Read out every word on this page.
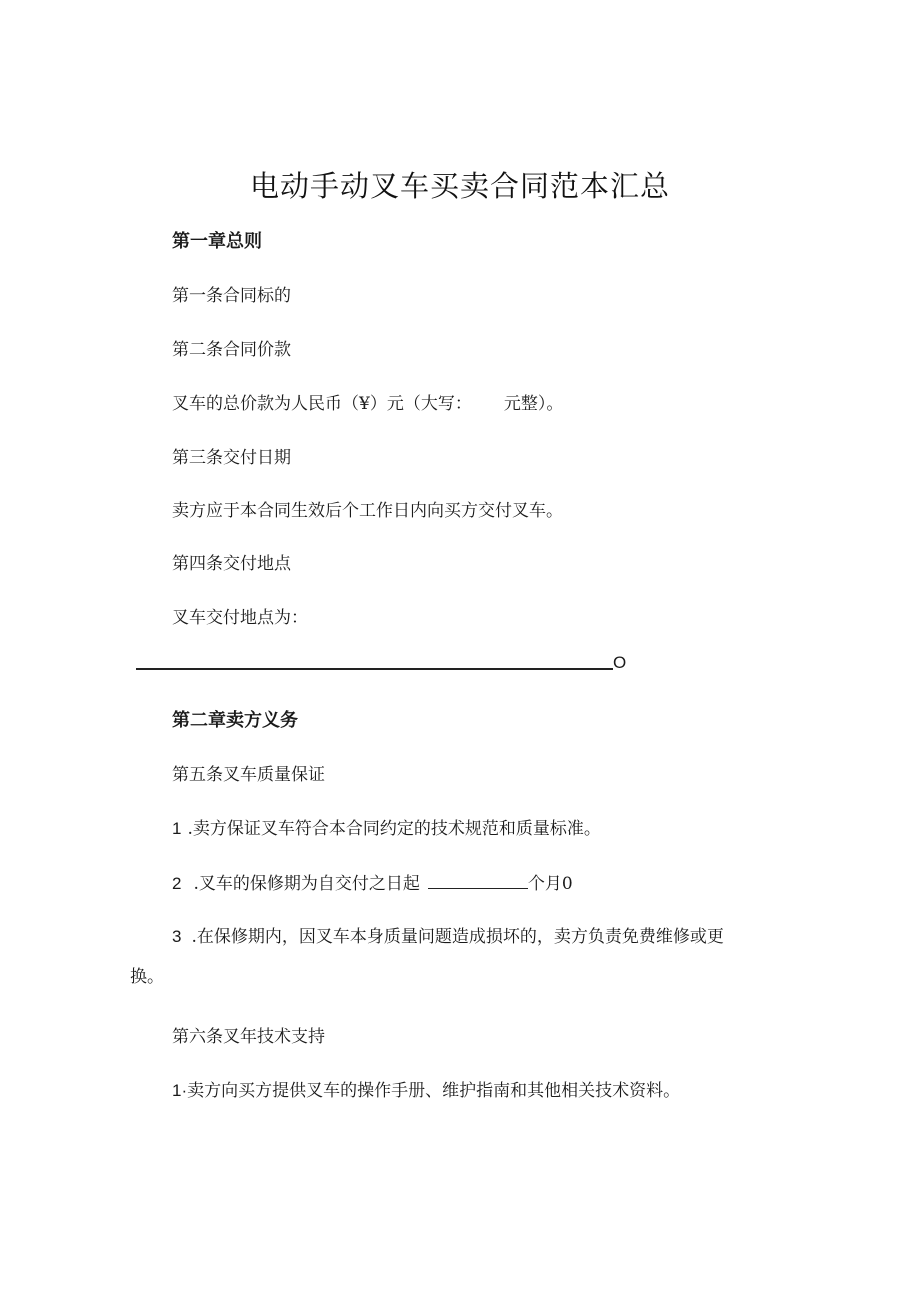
电动手动叉车买卖合同范本汇总
第一章总则
第一条合同标的
第二条合同价款
叉车的总价款为人民币（¥）元（大写： 元整）。
第三条交付日期
卖方应于本合同生效后个工作日内向买方交付叉车。
第四条交付地点
叉车交付地点为：
O
第二章卖方义务
第五条叉车质量保证
1 .卖方保证叉车符合本合同约定的技术规范和质量标准。
2 .叉车的保修期为自交付之日起	个月0
3 .在保修期内，因叉车本身质量问题造成损坏的，卖方负责免费维修或更
换。
第六条叉年技术支持
1·卖方向买方提供叉车的操作手册、维护指南和其他相关技术资料。
